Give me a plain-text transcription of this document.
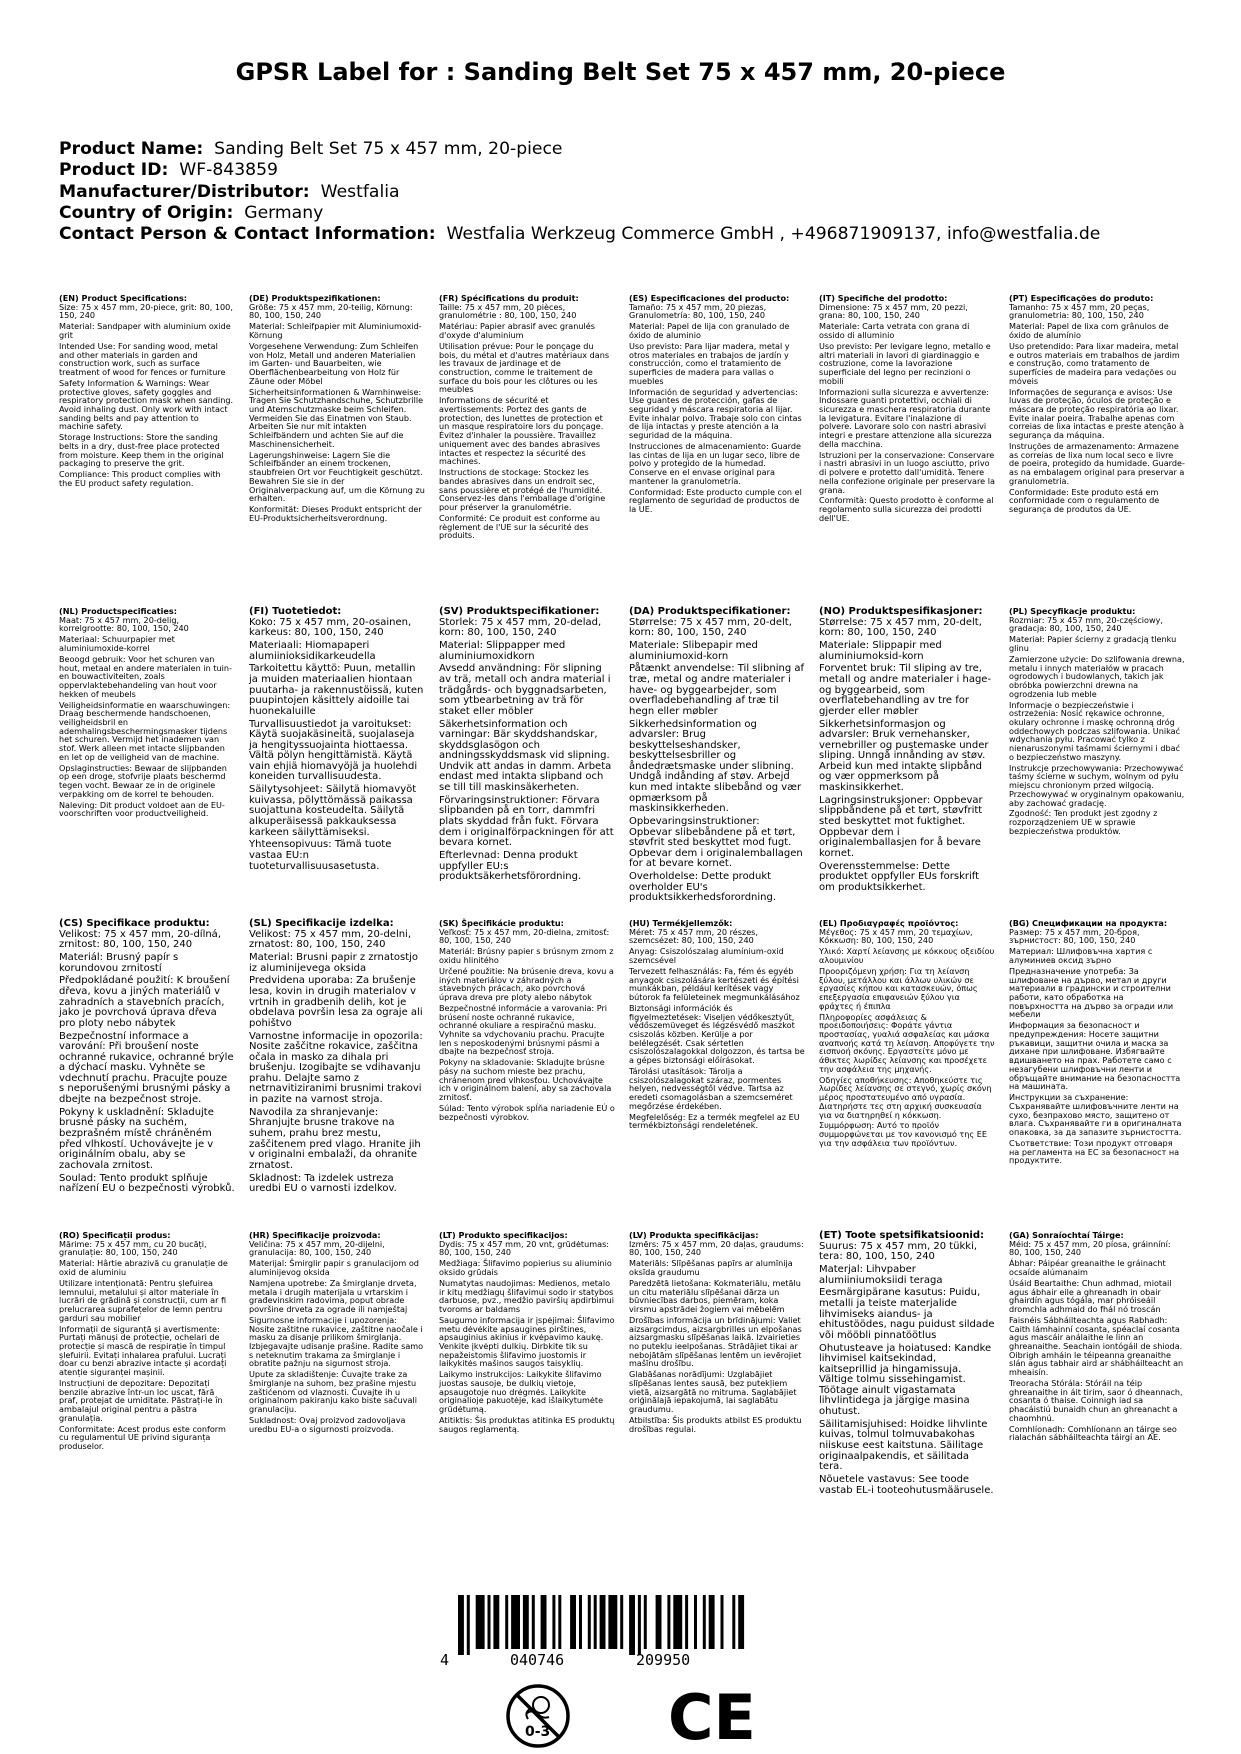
GPSR Label for : Sanding Belt Set 75 x 457 mm, 20-piece
Product Name: Sanding Belt Set 75 x 457 mm, 20-piece
Product ID: WF-843859
Manufacturer/Distributor: Westfalia
Country of Origin: Germany
Contact Person & Contact Information: Westfalia Werkzeug Commerce GmbH , +496871909137, info@westfalia.de
(EN) Product Specifications:

Size: 75 x 457 mm, 20-piece, grit: 80, 100, 150, 240

Material: Sandpaper with aluminium oxide grit

Intended Use: For sanding wood, metal and other materials in garden and construction work, such as surface treatment of wood for fences or furniture

Safety Information & Warnings: Wear protective gloves, safety goggles and respiratory protection mask when sanding. Avoid inhaling dust. Only work with intact sanding belts and pay attention to machine safety.

Storage Instructions: Store the sanding belts in a dry, dust-free place protected from moisture. Keep them in the original packaging to preserve the grit.

Compliance: This product complies with the EU product safety regulation.

(DE) Produktspezifikationen:

Größe: 75 x 457 mm, 20-teilig, Körnung: 80, 100, 150, 240

Material: Schleifpapier mit Aluminiumoxid-Körnung

Vorgesehene Verwendung: Zum Schleifen von Holz, Metall und anderen Materialien im Garten- und Bauarbeiten, wie Oberflächenbearbeitung von Holz für Zäune oder Möbel

Sicherheitsinformationen & Warnhinweise: Tragen Sie Schutzhandschuhe, Schutzbrille und Atemschutzmaske beim Schleifen. Vermeiden Sie das Einatmen von Staub. Arbeiten Sie nur mit intakten Schleifbändern und achten Sie auf die Maschinensicherheit.

Lagerungshinweise: Lagern Sie die Schleifbänder an einem trockenen, staubfreien Ort vor Feuchtigkeit geschützt. Bewahren Sie sie in der Originalverpackung auf, um die Körnung zu erhalten.

Konformität: Dieses Produkt entspricht der EU-Produktsicherheitsverordnung.

(FR) Spécifications du produit:

Taille: 75 x 457 mm, 20 pièces, granulométrie : 80, 100, 150, 240

Matériau: Papier abrasif avec granulés d'oxyde d'aluminium

Utilisation prévue: Pour le ponçage du bois, du métal et d'autres matériaux dans les travaux de jardinage et de construction, comme le traitement de surface du bois pour les clôtures ou les meubles

Informations de sécurité et avertissements: Portez des gants de protection, des lunettes de protection et un masque respiratoire lors du ponçage. Évitez d'inhaler la poussière. Travaillez uniquement avec des bandes abrasives intactes et respectez la sécurité des machines.

Instructions de stockage: Stockez les bandes abrasives dans un endroit sec, sans poussière et protégé de l'humidité. Conservez-les dans l'emballage d'origine pour préserver la granulométrie.

Conformité: Ce produit est conforme au règlement de l'UE sur la sécurité des produits.

(ES) Especificaciones del producto:

Tamaño: 75 x 457 mm, 20 piezas, Granulometría: 80, 100, 150, 240

Material: Papel de lija con granulado de óxido de aluminio

Uso previsto: Para lijar madera, metal y otros materiales en trabajos de jardín y construcción, como el tratamiento de superficies de madera para vallas o muebles

Información de seguridad y advertencias: Use guantes de protección, gafas de seguridad y máscara respiratoria al lijar. Evite inhalar polvo. Trabaje solo con cintas de lija intactas y preste atención a la seguridad de la máquina.

Instrucciones de almacenamiento: Guarde las cintas de lija en un lugar seco, libre de polvo y protegido de la humedad. Conserve en el envase original para mantener la granulometría.

Conformidad: Este producto cumple con el reglamento de seguridad de productos de la UE.

(IT) Specifiche del prodotto:

Dimensione: 75 x 457 mm, 20 pezzi, grana: 80, 100, 150, 240

Materiale: Carta vetrata con grana di ossido di alluminio

Uso previsto: Per levigare legno, metallo e altri materiali in lavori di giardinaggio e costruzione, come la lavorazione superficiale del legno per recinzioni o mobili

Informazioni sulla sicurezza e avvertenze: Indossare guanti protettivi, occhiali di sicurezza e maschera respiratoria durante la levigatura. Evitare l'inalazione di polvere. Lavorare solo con nastri abrasivi integri e prestare attenzione alla sicurezza della macchina.

Istruzioni per la conservazione: Conservare i nastri abrasivi in un luogo asciutto, privo di polvere e protetto dall'umidità. Tenere nella confezione originale per preservare la grana.

Conformità: Questo prodotto è conforme al regolamento sulla sicurezza dei prodotti dell'UE.

(PT) Especificações do produto:

Tamanho: 75 x 457 mm, 20 peças, granulometria: 80, 100, 150, 240

Material: Papel de lixa com grânulos de óxido de alumínio

Uso pretendido: Para lixar madeira, metal e outros materiais em trabalhos de jardim e construção, como tratamento de superfícies de madeira para vedações ou móveis

Informações de segurança e avisos: Use luvas de proteção, óculos de proteção e máscara de proteção respiratória ao lixar. Evite inalar poeira. Trabalhe apenas com correias de lixa intactas e preste atenção à segurança da máquina.

Instruções de armazenamento: Armazene as correias de lixa num local seco e livre de poeira, protegido da humidade. Guarde-as na embalagem original para preservar a granulometria.

Conformidade: Este produto está em conformidade com o regulamento de segurança de produtos da UE.

(NL) Productspecificaties:

Maat: 75 x 457 mm, 20-delig, korrelgrootte: 80, 100, 150, 240

Materiaal: Schuurpapier met aluminiumoxide-korrel

Beoogd gebruik: Voor het schuren van hout, metaal en andere materialen in tuin- en bouwactiviteiten, zoals oppervlaktebehandeling van hout voor hekken of meubels

Veiligheidsinformatie en waarschuwingen: Draag beschermende handschoenen, veiligheidsbril en ademhalingsbeschermingsmasker tijdens het schuren. Vermijd het inademen van stof. Werk alleen met intacte slijpbanden en let op de veiligheid van de machine.

Opslaginstructies: Bewaar de slijpbanden op een droge, stofvrije plaats beschermd tegen vocht. Bewaar ze in de originele verpakking om de korrel te behouden.

Naleving: Dit product voldoet aan de EU-voorschriften voor productveiligheid.

(FI) Tuotetiedot:

Koko: 75 x 457 mm, 20-osainen, karkeus: 80, 100, 150, 240

Materiaali: Hiomapaperi alumiinioksidikarkeudella

Tarkoitettu käyttö: Puun, metallin ja muiden materiaalien hiontaan puutarha- ja rakennustöissä, kuten puupintojen käsittely aidoille tai huonekaluille

Turvallisuustiedot ja varoitukset: Käytä suojakäsineitä, suojalaseja ja hengityssuojainta hiottaessa. Vältä pölyn hengittämistä. Käytä vain ehjiä hiomavyöjä ja huolehdi koneiden turvallisuudesta.

Säilytysohjeet: Säilytä hiomavyöt kuivassa, pölyttömässä paikassa suojattuna kosteudelta. Säilytä alkuperäisessä pakkauksessa karkeen säilyttämiseksi.

Yhteensopivuus: Tämä tuote vastaa EU:n tuoteturvallisuusasetusta.

(SV) Produktspecifikationer:

Storlek: 75 x 457 mm, 20-delad, korn: 80, 100, 150, 240

Material: Slippapper med aluminiumoxidkorn

Avsedd användning: För slipning av trä, metall och andra material i trädgårds- och byggnadsarbeten, som ytbearbetning av trä för staket eller möbler

Säkerhetsinformation och varningar: Bär skyddshandskar, skyddsglasögon och andningsskyddsmask vid slipning. Undvik att andas in damm. Arbeta endast med intakta slipband och se till till maskinsäkerheten.

Förvaringsinstruktioner: Förvara slipbanden på en torr, dammfri plats skyddad från fukt. Förvara dem i originalförpackningen för att bevara kornet.

Efterlevnad: Denna produkt uppfyller EU:s produktsäkerhetsförordning.

(DA) Produktspecifikationer:

Størrelse: 75 x 457 mm, 20-delt, korn: 80, 100, 150, 240

Materiale: Slibepapir med aluminiumoxid-korn

Påtænkt anvendelse: Til slibning af træ, metal og andre materialer i have- og byggearbejder, som overfladebehandling af træ til hegn eller møbler

Sikkerhedsinformation og advarsler: Brug beskyttelseshandsker, beskyttelsesbriller og åndedrætsmaske under slibning. Undgå indånding af støv. Arbejd kun med intakte slibebånd og vær opmærksom på maskinsikkerheden.

Opbevaringsinstruktioner: Opbevar slibebåndene på et tørt, støvfrit sted beskyttet mod fugt. Opbevar dem i originalemballagen for at bevare kornet.

Overholdelse: Dette produkt overholder EU's produktsikkerhedsforordning.

(NO) Produktspesifikasjoner:

Størrelse: 75 x 457 mm, 20-delt, korn: 80, 100, 150, 240

Materiale: Slippapir med aluminiumoksid-korn

Forventet bruk: Til sliping av tre, metall og andre materialer i hage- og byggearbeid, som overflatebehandling av tre for gjerder eller møbler

Sikkerhetsinformasjon og advarsler: Bruk vernehansker, vernebriller og pustemaske under sliping. Unngå innånding av støv. Arbeid kun med intakte slipbånd og vær oppmerksom på maskinsikkerhet.

Lagringsinstruksjoner: Oppbevar slippbåndene på et tørt, støvfritt sted beskyttet mot fuktighet. Oppbevar dem i originalemballasjen for å bevare kornet.

Overensstemmelse: Dette produktet oppfyller EUs forskrift om produktsikkerhet.

(PL) Specyfikacje produktu:

Rozmiar: 75 x 457 mm, 20-częściowy, gradacja: 80, 100, 150, 240

Materiał: Papier ścierny z gradacją tlenku glinu

Zamierzone użycie: Do szlifowania drewna, metalu i innych materiałów w pracach ogrodowych i budowlanych, takich jak obróbka powierzchni drewna na ogrodzenia lub meble

Informacje o bezpieczeństwie i ostrzeżenia: Nosić rękawice ochronne, okulary ochronne i maskę ochronną dróg oddechowych podczas szlifowania. Unikać wdychania pyłu. Pracować tylko z nienaruszonymi taśmami ściernymi i dbać o bezpieczeństwo maszyny.

Instrukcje przechowywania: Przechowywać taśmy ścierne w suchym, wolnym od pyłu miejscu chronionym przed wilgocią. Przechowywać w oryginalnym opakowaniu, aby zachować gradację.

Zgodność: Ten produkt jest zgodny z rozporządzeniem UE w sprawie bezpieczeństwa produktów.

(CS) Specifikace produktu:

Velikost: 75 x 457 mm, 20-dílná, zrnitost: 80, 100, 150, 240

Materiál: Brusný papír s korundovou zrnitostí

Předpokládané použití: K broušení dřeva, kovu a jiných materiálů v zahradních a stavebních pracích, jako je povrchová úprava dřeva pro ploty nebo nábytek

Bezpečnostní informace a varování: Při broušení noste ochranné rukavice, ochranné brýle a dýchací masku. Vyhněte se vdechnutí prachu. Pracujte pouze s neporušenými brusnými pásky a dbejte na bezpečnost stroje.

Pokyny k uskladnění: Skladujte brusné pásky na suchém, bezprašném místě chráněném před vlhkostí. Uchovávejte je v originálním obalu, aby se zachovala zrnitost.

Soulad: Tento produkt splňuje nařízení EU o bezpečnosti výrobků.

(SL) Specifikacije izdelka:

Velikost: 75 x 457 mm, 20-delni, zrnatost: 80, 100, 150, 240

Material: Brusni papir z zrnatostjo iz aluminijevega oksida

Predvidena uporaba: Za brušenje lesa, kovin in drugih materialov v vrtnih in gradbenih delih, kot je obdelava površin lesa za ograje ali pohištvo

Varnostne informacije in opozorila: Nosite zaščitne rokavice, zaščitna očala in masko za dihala pri brušenju. Izogibajte se vdihavanju prahu. Delajte samo z netrnavitiziranimi brusnimi trakovi in pazite na varnost stroja.

Navodila za shranjevanje: Shranjujte brusne trakove na suhem, prahu brez mestu, zaščitenem pred vlago. Hranite jih v originalni embalaži, da ohranite zrnatost.

Skladnost: Ta izdelek ustreza uredbi EU o varnosti izdelkov.

(SK) Špecifikácie produktu:

Veľkosť: 75 x 457 mm, 20-dielna, zrnitosť: 80, 100, 150, 240

Materiál: Brúsny papier s brúsnym zrnom z oxidu hlinitého

Určené použitie: Na brúsenie dreva, kovu a iných materiálov v záhradných a stavebných prácach, ako povrchová úprava dreva pre ploty alebo nábytok

Bezpečnostné informácie a varovania: Pri brúsení noste ochranné rukavice, ochranné okuliare a respiračnú masku. Vyhnite sa vdychovaniu prachu. Pracujte len s neposkodenými brúsnymi pásmi a dbajte na bezpečnosť stroja.

Pokyny na skladovanie: Skladujte brúsne pásy na suchom mieste bez prachu, chránenom pred vlhkosťou. Uchovávajte ich v originálnom balení, aby sa zachovala zrnitosť.

Súlad: Tento výrobok spĺňa nariadenie EÚ o bezpečnosti výrobkov.

(HU) Termékjellemzők:

Méret: 75 x 457 mm, 20 részes, szemcsézet: 80, 100, 150, 240

Anyag: Csiszolószalag alumínium-oxid szemcsével

Tervezett felhasználás: Fa, fém és egyéb anyagok csiszolására kertészeti és építési munkákban, például kerítések vagy bútorok fa felületeinek megmunkálásához

Biztonsági információk és figyelmeztetések: Viseljen védőkesztyűt, védőszemüveget és légzésvédő maszkot csiszolás közben. Kerülje a por belélegzését. Csak sértetlen csiszolószalagokkal dolgozzon, és tartsa be a gépes biztonsági előírásokat.

Tárolási utasítások: Tárolja a csiszolószalagokat száraz, pormentes helyen, nedvességtől védve. Tartsa az eredeti csomagolásban a szemcseméret megőrzése érdekében.

Megfelelőség: Ez a termék megfelel az EU termékbiztonsági rendeletének.

(EL) Προδιαγραφές προϊόντος:

Μέγεθος: 75 x 457 mm, 20 τεμαχίων, Κόκκωση: 80, 100, 150, 240

Υλικό: Χαρτί λείανσης με κόκκους οξειδίου αλουμινίου

Προοριζόμενη χρήση: Για τη λείανση ξύλου, μετάλλου και άλλων υλικών σε εργασίες κήπου και κατασκευών, όπως επεξεργασία επιφανειών ξύλου για φράχτες ή έπιπλα

Πληροφορίες ασφάλειας & προειδοποιήσεις: Φοράτε γάντια προστασίας, γυαλιά ασφαλείας και μάσκα αναπνοής κατά τη λείανση. Αποφύγετε την εισπνοή σκόνης. Εργαστείτε μόνο με άθικτες λωρίδες λείανσης και προσέχετε την ασφάλεια της μηχανής.

Οδηγίες αποθήκευσης: Αποθηκεύστε τις λωρίδες λείανσης σε στεγνό, χωρίς σκόνη μέρος προστατευμένο από υγρασία. Διατηρήστε τες στη αρχική συσκευασία για να διατηρηθεί η κόκκωση.

Συμμόρφωση: Αυτό το προϊόν συμμορφώνεται με τον κανονισμό της ΕΕ για την ασφάλεια των προϊόντων.

(BG) Спецификации на продукта:

Размер: 75 x 457 mm, 20-броя, зърнистост: 80, 100, 150, 240

Материал: Шлифовъчна хартия с алуминиев оксид зърно

Предназначение употреба: За шлифоване на дърво, метал и други материали в градински и строителни работи, като обработка на повърхността на дърво за огради или мебели

Информация за безопасност и предупреждения: Носете защитни ръкавици, защитни очила и маска за дихане при шлифоване. Избягвайте вдишването на прах. Работете само с незагубени шлифовъчни ленти и обръщайте внимание на безопасността на машината.

Инструкции за съхранение: Съхранявайте шлифовъчните ленти на сухо, безпрахово място, защитено от влага. Съхранявайте ги в оригиналната опаковка, за да запазите зърнистостта.

Съответствие: Този продукт отговаря на регламента на ЕС за безопасност на продуктите.

(RO) Specificații produs:

Mărime: 75 x 457 mm, cu 20 bucăți, granulație: 80, 100, 150, 240

Material: Hârtie abrazivă cu granulație de oxid de aluminiu

Utilizare intenționată: Pentru șlefuirea lemnului, metalului și altor materiale în lucrări de grădină și construcții, cum ar fi prelucrarea suprafețelor de lemn pentru garduri sau mobilier

Informații de siguranță și avertismente: Purtați mănuși de protecție, ochelari de protecție și mască de respirație în timpul șlefuirii. Evitați inhalarea prafului. Lucrați doar cu benzi abrazive intacte și acordați atenție siguranței mașinii.

Instrucțiuni de depozitare: Depozitați benzile abrazive într-un loc uscat, fără praf, protejat de umiditate. Păstrați-le în ambalajul original pentru a păstra granulația.

Conformitate: Acest produs este conform cu regulamentul UE privind siguranța produselor.

(HR) Specifikacije proizvoda:

Veličina: 75 x 457 mm, 20-dijelni, granulacija: 80, 100, 150, 240

Materijal: Šmirglir papir s granulacijom od aluminijevog oksida

Namjena upotrebe: Za šmirglanje drveta, metala i drugih materijala u vrtarskim i građevinskim radovima, poput obrade površine drveta za ograde ili namještaj

Sigurnosne informacije i upozorenja: Nosite zaštitne rukavice, zaštitne naočale i masku za disanje prilikom šmirglanja. Izbjegavajte udisanje prašine. Radite samo s neteknutim trakama za šmirglanje i obratite pažnju na sigurnost stroja.

Upute za skladištenje: Čuvajte trake za šmirglanje na suhom, bez prašine mjestu zaštićenom od vlaznosti. Čuvajte ih u originalnom pakiranju kako biste sačuvali granulaciju.

Sukladnost: Ovaj proizvod zadovoljava uredbu EU-a o sigurnosti proizvoda.

(LT) Produkto specifikacijos:

Dydis: 75 x 457 mm, 20 vnt, grūdėtumas: 80, 100, 150, 240

Medžiaga: Šlifavimo popierius su aliuminio oksido grūdais

Numatytas naudojimas: Medienos, metalo ir kitų medžiagų šlifavimui sodo ir statybos darbuose, pvz., medžio paviršių apdirbimui tvoroms ar baldams

Saugumo informacija ir įspėjimai: Šlifavimo metu dėvėkite apsaugines pirštines, apsauginius akinius ir kvėpavimo kaukę. Venkite įkvėpti dulkių. Dirbkite tik su nepažeistomis šlifavimo juostomis ir laikykitės mašinos saugos taisyklių.

Laikymo instrukcijos: Laikykite šlifavimo juostas sausoje, be dulkių vietoje, apsaugotoje nuo drėgmės. Laikykite originalioje pakuotėje, kad išlaikytumėte grūdėtumą.

Atitiktis: Šis produktas atitinka ES produktų saugos reglamentą.

(LV) Produkta specifikācijas:

Izmērs: 75 x 457 mm, 20 daļas, graudums: 80, 100, 150, 240

Materiāls: Slīpēšanas papīrs ar alumīnija oksīda graudumu

Paredzētā lietošana: Kokmateriālu, metālu un citu materiālu slīpēšanai dārza un būvniecības darbos, piemēram, koka virsmu apstrādei žogiem vai mēbelēm

Drošības informācija un brīdinājumi: Valiet aizsargcimdus, aizsargbrilles un elpošanas aizsargmasku slīpēšanas laikā. Izvairieties no putekļu ieelpošanas. Strādājiet tikai ar nebojātām slīpēšanas lentēm un ievērojiet mašīnu drošību.

Glabāšanas norādījumi: Uzglabājiet slīpēšanas lentes sausā, bez putekļiem vietā, aizsargātā no mitruma. Saglabājiet oriģinālajā iepakojumā, lai saglabātu graudumu.

Atbilstība: Šis produkts atbilst ES produktu drošības regulai.

(ET) Toote spetsifikatsioonid:

Suurus: 75 x 457 mm, 20 tükki, tera: 80, 100, 150, 240

Materjal: Lihvpaber alumiiniumoksiidi teraga

Eesmärgipärane kasutus: Puidu, metalli ja teiste materjalide lihvimiseks aiandus- ja ehitustöödes, nagu puidust sildade või mööbli pinnatöötlus

Ohutusteave ja hoiatused: Kandke lihvimisel kaitsekindad, kaitseprillid ja hingamissuja. Vältige tolmu sissehingamist. Töötage ainult vigastamata lihvlintidega ja järgige masina ohutust.

Säilitamisjuhised: Hoidke lihvlinte kuivas, tolmul tolmuvabakohas niiskuse eest kaitstuna. Säilitage originaalpakendis, et säilitada tera.

Nõuetele vastavus: See toode vastab EL-i tooteohutusmäärusele.

(GA) Sonraíochtaí Táirge:

Méid: 75 x 457 mm, 20 píosa, gráinníní: 80, 100, 150, 240

Ábhar: Páipéar greanaithe le gráinacht ocsaíde alúmanaim

Úsáid Beartaithe: Chun adhmad, miotail agus ábhair eile a ghreanadh in obair ghairdín agus tógála, mar phróiseáil dromchla adhmaid do fhál nó troscán

Faisnéis Sábháilteachta agus Rabhadh: Caith lámhainní cosanta, spéaclaí cosanta agus mascáir análaithe le linn an ghreanaithe. Seachain iontógáil de shioda. Oibrigh amháin le téipeanna greanaithe slán agus tabhair aird ar shábháilteacht an mheaisín.

Treoracha Stórála: Stóráil na téip ghreanaithe in áit tirim, saor ó dheannach, cosanta ó thaise. Coinnigh iad sa phacáistiú bunaidh chun an ghreanacht a chaomhnú.

Comhlíonadh: Comhlíonann an táirge seo rialachán sábháilteachta táirgí an AE.

4	040746	209950
0-3 CE
